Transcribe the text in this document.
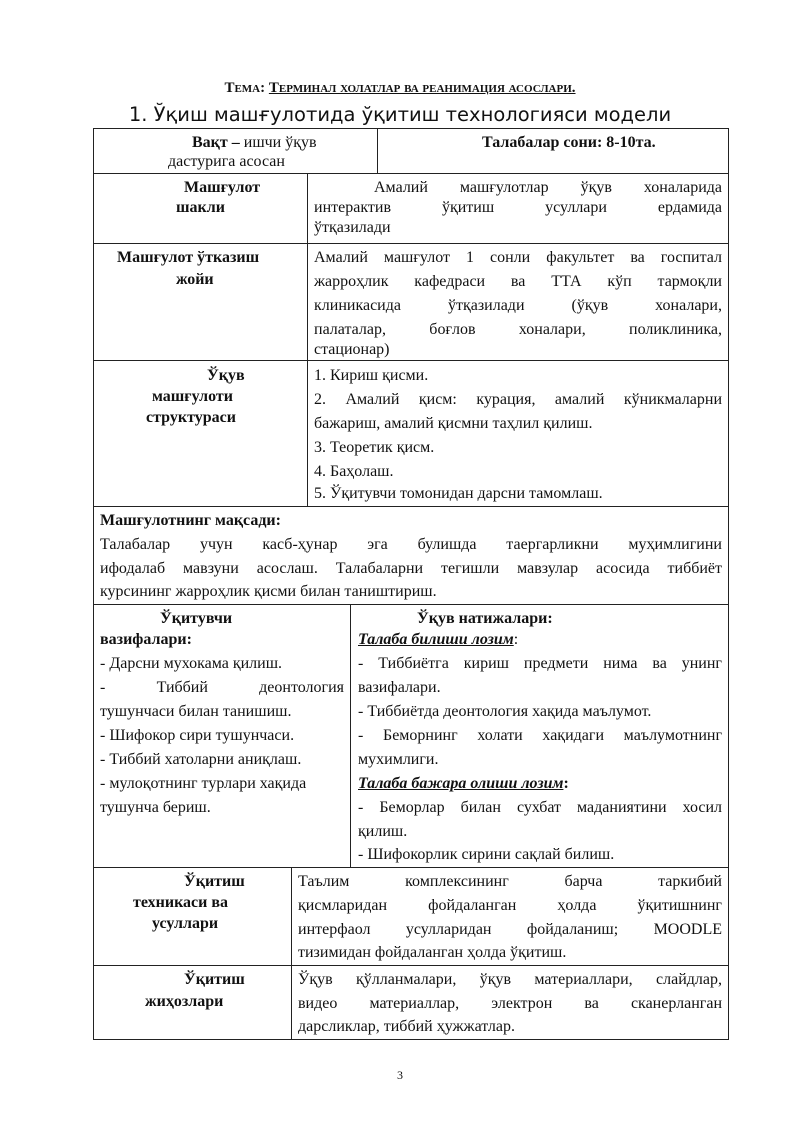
Тема: Терминал холатлар ва реанимация асослари.
1. Ўқиш машғулотида ўқитиш технологияси модели
Вақт – ишчи ўқув
дастурига асосан
Талабалар сони: 8-10та.
Машғулот
шакли
Амалий машғулотлар ўқув хоналарида
интерактив ўқитиш усуллари ердамида
ўтқазилади
Машғулот ўтказиш
жойи
Амалий машғулот 1 сонли факультет ва госпитал
жарроҳлик кафедраси ва ТТА кўп тармоқли
клиникасида ўтқазилади (ўқув хоналари,
палаталар, боғлов хоналари, поликлиника,
стационар)
Ўқув
машғулоти
структураси
1. Кириш қисми.
2. Амалий қисм: курация, амалий кўникмаларни
бажариш, амалий қисмни таҳлил қилиш.
3. Теоретик қисм.
4. Баҳолаш.
5. Ўқитувчи томонидан дарсни тамомлаш.
Машғулотнинг мақсади:
Талабалар учун касб-ҳунар эга булишда таергарликни муҳимлигини
ифодалаб мавзуни асослаш. Талабаларни тегишли мавзулар асосида тиббиёт
курсининг жарроҳлик қисми билан таништириш.
Ўқитувчи
вазифалари:
- Дарсни мухокама қилиш.
- Тиббий деонтология
тушунчаси билан танишиш.
- Шифокор сири тушунчаси.
- Тиббий хатоларни аниқлаш.
- мулоқотнинг турлари хақида
тушунча бериш.
Ўқув натижалари:
Талаба билиши лозим:
- Тиббиётга кириш предмети нима ва унинг
вазифалари.
- Тиббиётда деонтология хақида маълумот.
- Беморнинг холати хақидаги маълумотнинг
мухимлиги.
Талаба бажара олиши лозим:
- Беморлар билан сухбат маданиятини хосил
қилиш.
- Шифокорлик сирини сақлай билиш.
Ўқитиш
техникаси ва
усуллари
Таълим комплексининг барча таркибий
қисмларидан фойдаланган ҳолда ўқитишнинг
интерфаол усулларидан фойдаланиш; MOODLE
тизимидан фойдаланган ҳолда ўқитиш.
Ўқитиш
жиҳозлари
Ўқув қўлланмалари, ўқув материаллари, слайдлар,
видео материаллар, электрон ва сканерланган
дарсликлар, тиббий ҳужжатлар.
3
